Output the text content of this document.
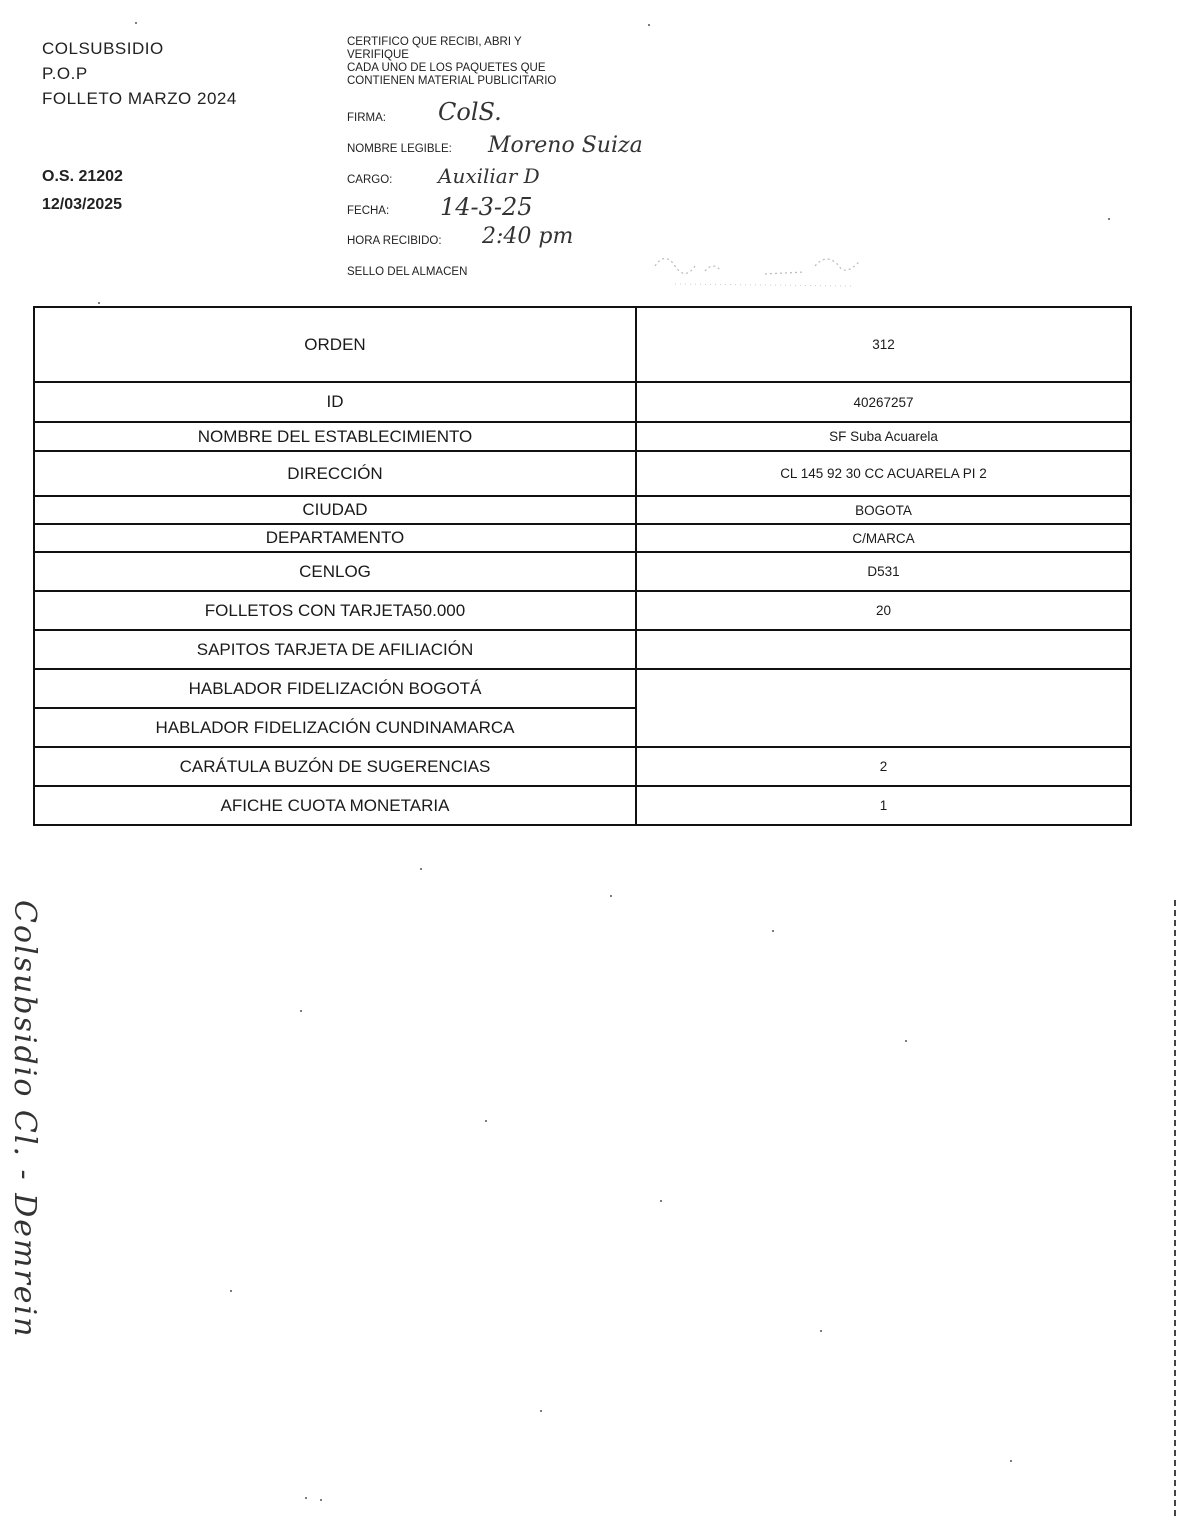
COLSUBSIDIO
P.O.P
FOLLETO MARZO 2024
O.S. 21202
12/03/2025
CERTIFICO QUE RECIBI, ABRI Y
VERIFIQUE
CADA UNO DE LOS PAQUETES QUE
CONTIENEN MATERIAL PUBLICITARIO
FIRMA: ColS.
NOMBRE LEGIBLE: Moreno Suiza
CARGO: Auxiliar D
FECHA: 14-3-25
HORA RECIBIDO: 2:40 pm
SELLO DEL ALMACEN
ORDEN	312
ID	40267257
NOMBRE DEL ESTABLECIMIENTO	SF Suba Acuarela
DIRECCIÓN	CL 145 92 30 CC ACUARELA PI 2
CIUDAD	BOGOTA
DEPARTAMENTO	C/MARCA
CENLOG	D531
FOLLETOS CON TARJETA50.000	20
SAPITOS TARJETA DE AFILIACIÓN	
HABLADOR FIDELIZACIÓN BOGOTÁ	
HABLADOR FIDELIZACIÓN CUNDINAMARCA	
CARÁTULA BUZÓN DE SUGERENCIAS	2
AFICHE CUOTA MONETARIA	1
Colsubsidio Cl. - Demrein
